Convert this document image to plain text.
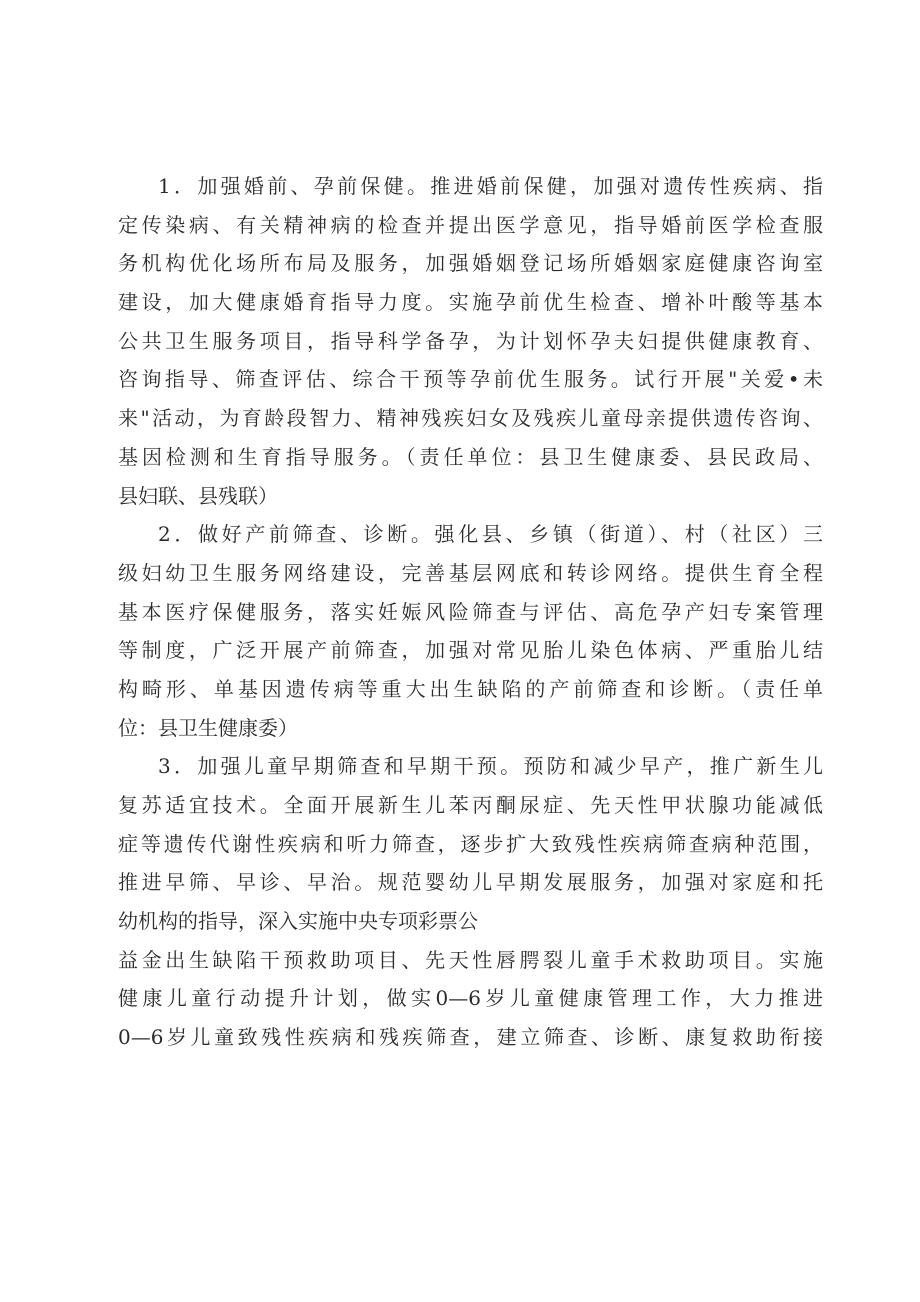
1．加强婚前、孕前保健。推进婚前保健，加强对遗传性疾病、指
定传染病、有关精神病的检查并提出医学意见，指导婚前医学检查服
务机构优化场所布局及服务，加强婚姻登记场所婚姻家庭健康咨询室
建设，加大健康婚育指导力度。实施孕前优生检查、增补叶酸等基本
公共卫生服务项目，指导科学备孕，为计划怀孕夫妇提供健康教育、
咨询指导、筛查评估、综合干预等孕前优生服务。试行开展"关爱•未
来"活动，为育龄段智力、精神残疾妇女及残疾儿童母亲提供遗传咨询、
基因检测和生育指导服务。（责任单位：县卫生健康委、县民政局、
县妇联、县残联）
2．做好产前筛查、诊断。强化县、乡镇（街道）、村（社区）三
级妇幼卫生服务网络建设，完善基层网底和转诊网络。提供生育全程
基本医疗保健服务，落实妊娠风险筛查与评估、高危孕产妇专案管理
等制度，广泛开展产前筛查，加强对常见胎儿染色体病、严重胎儿结
构畸形、单基因遗传病等重大出生缺陷的产前筛查和诊断。（责任单
位：县卫生健康委）
3．加强儿童早期筛查和早期干预。预防和减少早产，推广新生儿
复苏适宜技术。全面开展新生儿苯丙酮尿症、先天性甲状腺功能减低
症等遗传代谢性疾病和听力筛查，逐步扩大致残性疾病筛查病种范围，
推进早筛、早诊、早治。规范婴幼儿早期发展服务，加强对家庭和托
幼机构的指导，深入实施中央专项彩票公
益金出生缺陷干预救助项目、先天性唇腭裂儿童手术救助项目。实施
健康儿童行动提升计划，做实0—6岁儿童健康管理工作，大力推进
0—6岁儿童致残性疾病和残疾筛查，建立筛查、诊断、康复救助衔接
